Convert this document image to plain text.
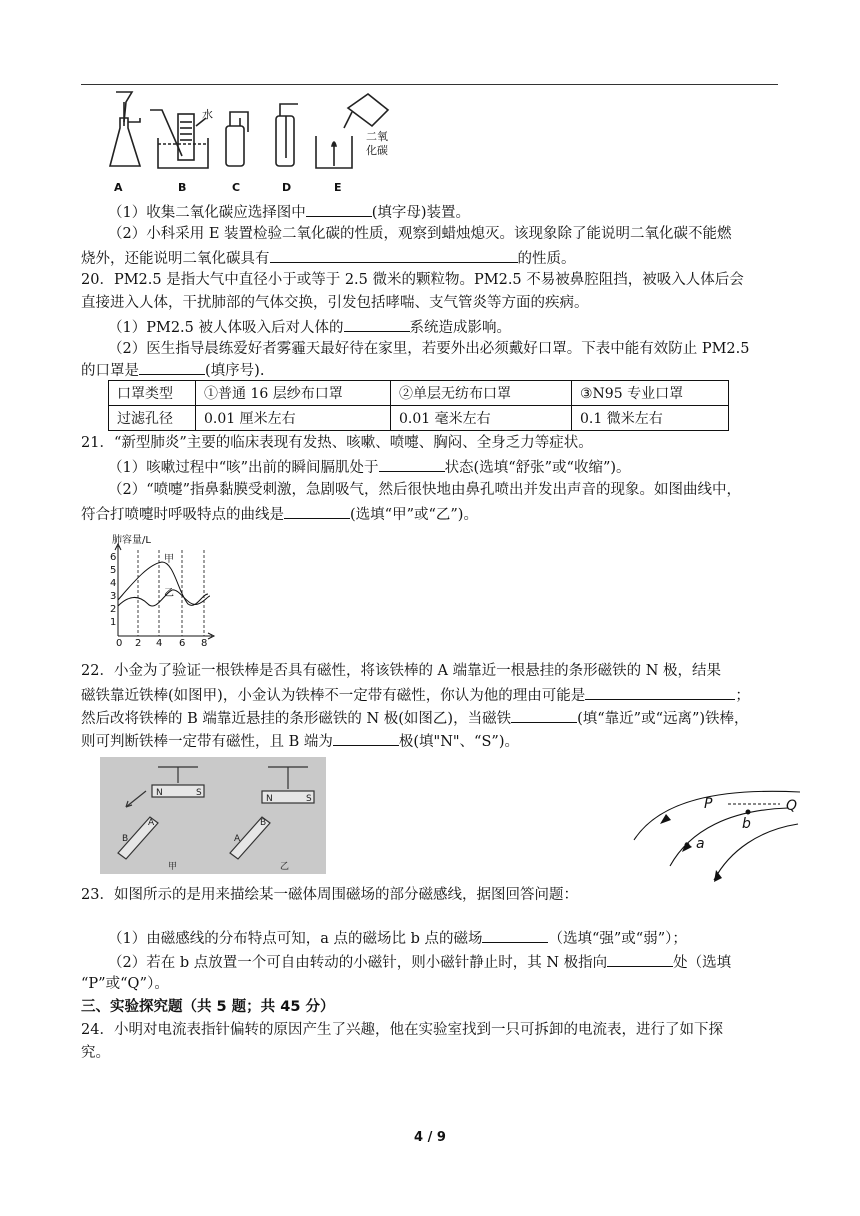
A	B	C	D	E
水
二氧
化碳
（1）收集二氧化碳应选择图中	(填字母)装置。
（2）小科采用 E 装置检验二氧化碳的性质，观察到蜡烛熄灭。该现象除了能说明二氧化碳不能燃
烧外，还能说明二氧化碳具有	的性质。
20．PM2.5 是指大气中直径小于或等于 2.5 微米的颗粒物。PM2.5 不易被鼻腔阻挡，被吸入人体后会
直接进入人体，干扰肺部的气体交换，引发包括哮喘、支气管炎等方面的疾病。
（1）PM2.5 被人体吸入后对人体的	系统造成影响。
（2）医生指导晨练爱好者雾霾天最好待在家里，若要外出必须戴好口罩。下表中能有效防止 PM2.5
的口罩是	(填序号).
口罩类型	①普通 16 层纱布口罩	②单层无纺布口罩	③N95 专业口罩
过滤孔径	0.01 厘米左右	0.01 毫米左右	0.1 微米左右
21．“新型肺炎”主要的临床表现有发热、咳嗽、喷嚏、胸闷、全身乏力等症状。
（1）咳嗽过程中“咳”出前的瞬间膈肌处于	状态(选填“舒张”或“收缩”)。
（2）“喷嚏”指鼻黏膜受刺激，急剧吸气，然后很快地由鼻孔喷出并发出声音的现象。如图曲线中，
符合打喷嚏时呼吸特点的曲线是	(选填“甲”或“乙”)。
肺容量/L
1
2
3
4
5
6
0 2 4 6 8
甲
乙
22．小金为了验证一根铁棒是否具有磁性，将该铁棒的 A 端靠近一根悬挂的条形磁铁的 N 极，结果
磁铁靠近铁棒(如图甲)，小金认为铁棒不一定带有磁性，你认为他的理由可能是	；
然后改将铁棒的 B 端靠近悬挂的条形磁铁的 N 极(如图乙)，当磁铁	(填“靠近”或“远离”)铁棒，
则可判断铁棒一定带有磁性，且 B 端为	极(填"N"、“S”)。
N	S
N	S
B
A
A
B
甲	乙
P	Q
b
a
23．如图所示的是用来描绘某一磁体周围磁场的部分磁感线，据图回答问题：
（1）由磁感线的分布特点可知，a 点的磁场比 b 点的磁场	（选填“强”或“弱”）；
（2）若在 b 点放置一个可自由转动的小磁针，则小磁针静止时，其 N 极指向	处（选填
“P”或“Q”）。
三、实验探究题（共 5 题；共 45 分）
24．小明对电流表指针偏转的原因产生了兴趣，他在实验室找到一只可拆卸的电流表，进行了如下探
究。
4 / 9
